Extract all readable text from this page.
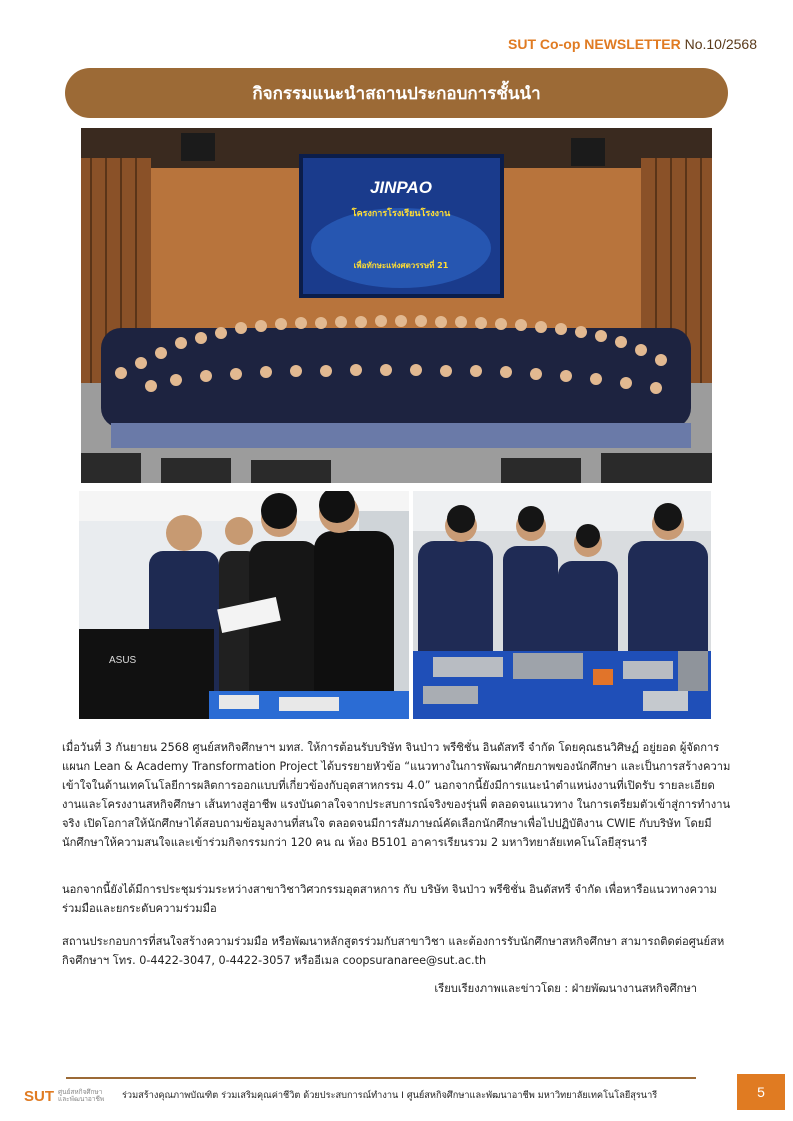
SUT Co-op NEWSLETTER No.10/2568
กิจกรรมแนะนำสถานประกอบการชั้นนำ
JINPAO
โครงการโรงเรียนโรงงาน
เพื่อทักษะแห่งศตวรรษที่ 21
ASUS

เมื่อวันที่ 3 กันยายน 2568 ศูนย์สหกิจศึกษาฯ มทส. ให้การต้อนรับบริษัท จินป่าว พรีซิชั่น อินดัสทรี จำกัด โดยคุณธนวิศิษฏ์ อยู่ยอด ผู้จัดการแผนก Lean & Academy Transformation Project ได้บรรยายหัวข้อ “แนวทางในการพัฒนาศักยภาพของนักศึกษา และเป็นการสร้างความเข้าใจในด้านเทคโนโลยีการผลิตการออกแบบที่เกี่ยวข้องกับอุตสาหกรรม 4.0” นอกจากนี้ยังมีการแนะนำตำแหน่งงานที่เปิดรับ รายละเอียดงานและโครงงานสหกิจศึกษา เส้นทางสู่อาชีพ แรงบันดาลใจจากประสบการณ์จริงของรุ่นพี่ ตลอดจนแนวทาง ในการเตรียมตัวเข้าสู่การทำงานจริง เปิดโอกาสให้นักศึกษาได้สอบถามข้อมูลงานที่สนใจ ตลอดจนมีการสัมภาษณ์คัดเลือกนักศึกษาเพื่อไปปฏิบัติงาน CWIE กับบริษัท โดยมีนักศึกษาให้ความสนใจและเข้าร่วมกิจกรรมกว่า 120 คน ณ ห้อง B5101 อาคารเรียนรวม 2 มหาวิทยาลัยเทคโนโลยีสุรนารี

นอกจากนี้ยังได้มีการประชุมร่วมระหว่างสาขาวิชาวิศวกรรมอุตสาหการ กับ บริษัท จินป่าว พรีซิชั่น อินดัสทรี จำกัด เพื่อหารือแนวทางความร่วมมือและยกระดับความร่วมมือ

สถานประกอบการที่สนใจสร้างความร่วมมือ หรือพัฒนาหลักสูตรร่วมกับสาขาวิชา และต้องการรับนักศึกษาสหกิจศึกษา สามารถติดต่อศูนย์สหกิจศึกษาฯ โทร. 0-4422-3047, 0-4422-3057 หรืออีเมล coopsuranaree@sut.ac.th

เรียบเรียงภาพและข่าวโดย : ฝ่ายพัฒนางานสหกิจศึกษา
SUT ศูนย์สหกิจศึกษา
และพัฒนาอาชีพ ร่วมสร้างคุณภาพบัณฑิต ร่วมเสริมคุณค่าชีวิต ด้วยประสบการณ์ทำงาน I ศูนย์สหกิจศึกษาและพัฒนาอาชีพ มหาวิทยาลัยเทคโนโลยีสุรนารี	5
